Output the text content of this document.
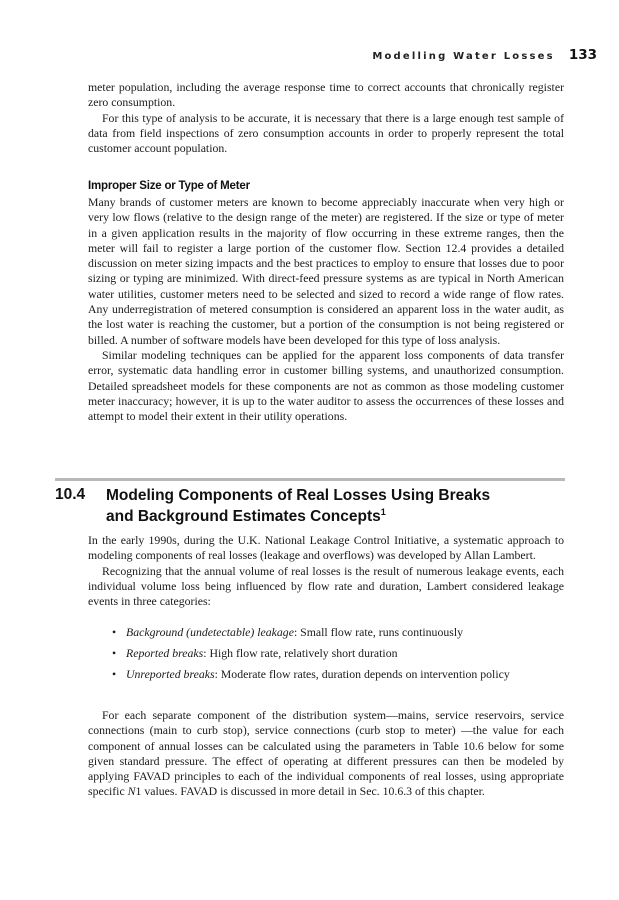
Modelling Water Losses 133

meter population, including the average response time to correct accounts that chronically register zero consumption.

For this type of analysis to be accurate, it is necessary that there is a large enough test sample of data from field inspections of zero consumption accounts in order to properly represent the total customer account population.

Improper Size or Type of Meter

Many brands of customer meters are known to become appreciably inaccurate when very high or very low flows (relative to the design range of the meter) are registered. If the size or type of meter in a given application results in the majority of flow occurring in these extreme ranges, then the meter will fail to register a large portion of the customer flow. Section 12.4 provides a detailed discussion on meter sizing impacts and the best practices to employ to ensure that losses due to poor sizing or typing are minimized. With direct-feed pressure systems as are typical in North American water utilities, customer meters need to be selected and sized to record a wide range of flow rates. Any underregistration of metered consumption is considered an apparent loss in the water audit, as the lost water is reaching the customer, but a portion of the consumption is not being registered or billed. A number of software models have been developed for this type of loss analysis.

Similar modeling techniques can be applied for the apparent loss components of data transfer error, systematic data handling error in customer billing systems, and unauthorized consumption. Detailed spreadsheet models for these components are not as common as those modeling customer meter inaccuracy; however, it is up to the water auditor to assess the occurrences of these losses and attempt to model their extent in their utility operations.

10.4 Modeling Components of Real Losses Using Breaks
and Background Estimates Concepts$^1$

In the early 1990s, during the U.K. National Leakage Control Initiative, a systematic approach to modeling components of real losses (leakage and overflows) was developed by Allan Lambert.

Recognizing that the annual volume of real losses is the result of numerous leakage events, each individual volume loss being influenced by flow rate and duration, Lambert considered leakage events in three categories:

• Background (undetectable) leakage: Small flow rate, runs continuously
• Reported breaks: High flow rate, relatively short duration
• Unreported breaks: Moderate flow rates, duration depends on intervention policy

For each separate component of the distribution system—mains, service reservoirs, service connections (main to curb stop), service connections (curb stop to meter) —the value for each component of annual losses can be calculated using the parameters in Table 10.6 below for some given standard pressure. The effect of operating at different pressures can then be modeled by applying FAVAD principles to each of the individual components of real losses, using appropriate specific N1 values. FAVAD is discussed in more detail in Sec. 10.6.3 of this chapter.
